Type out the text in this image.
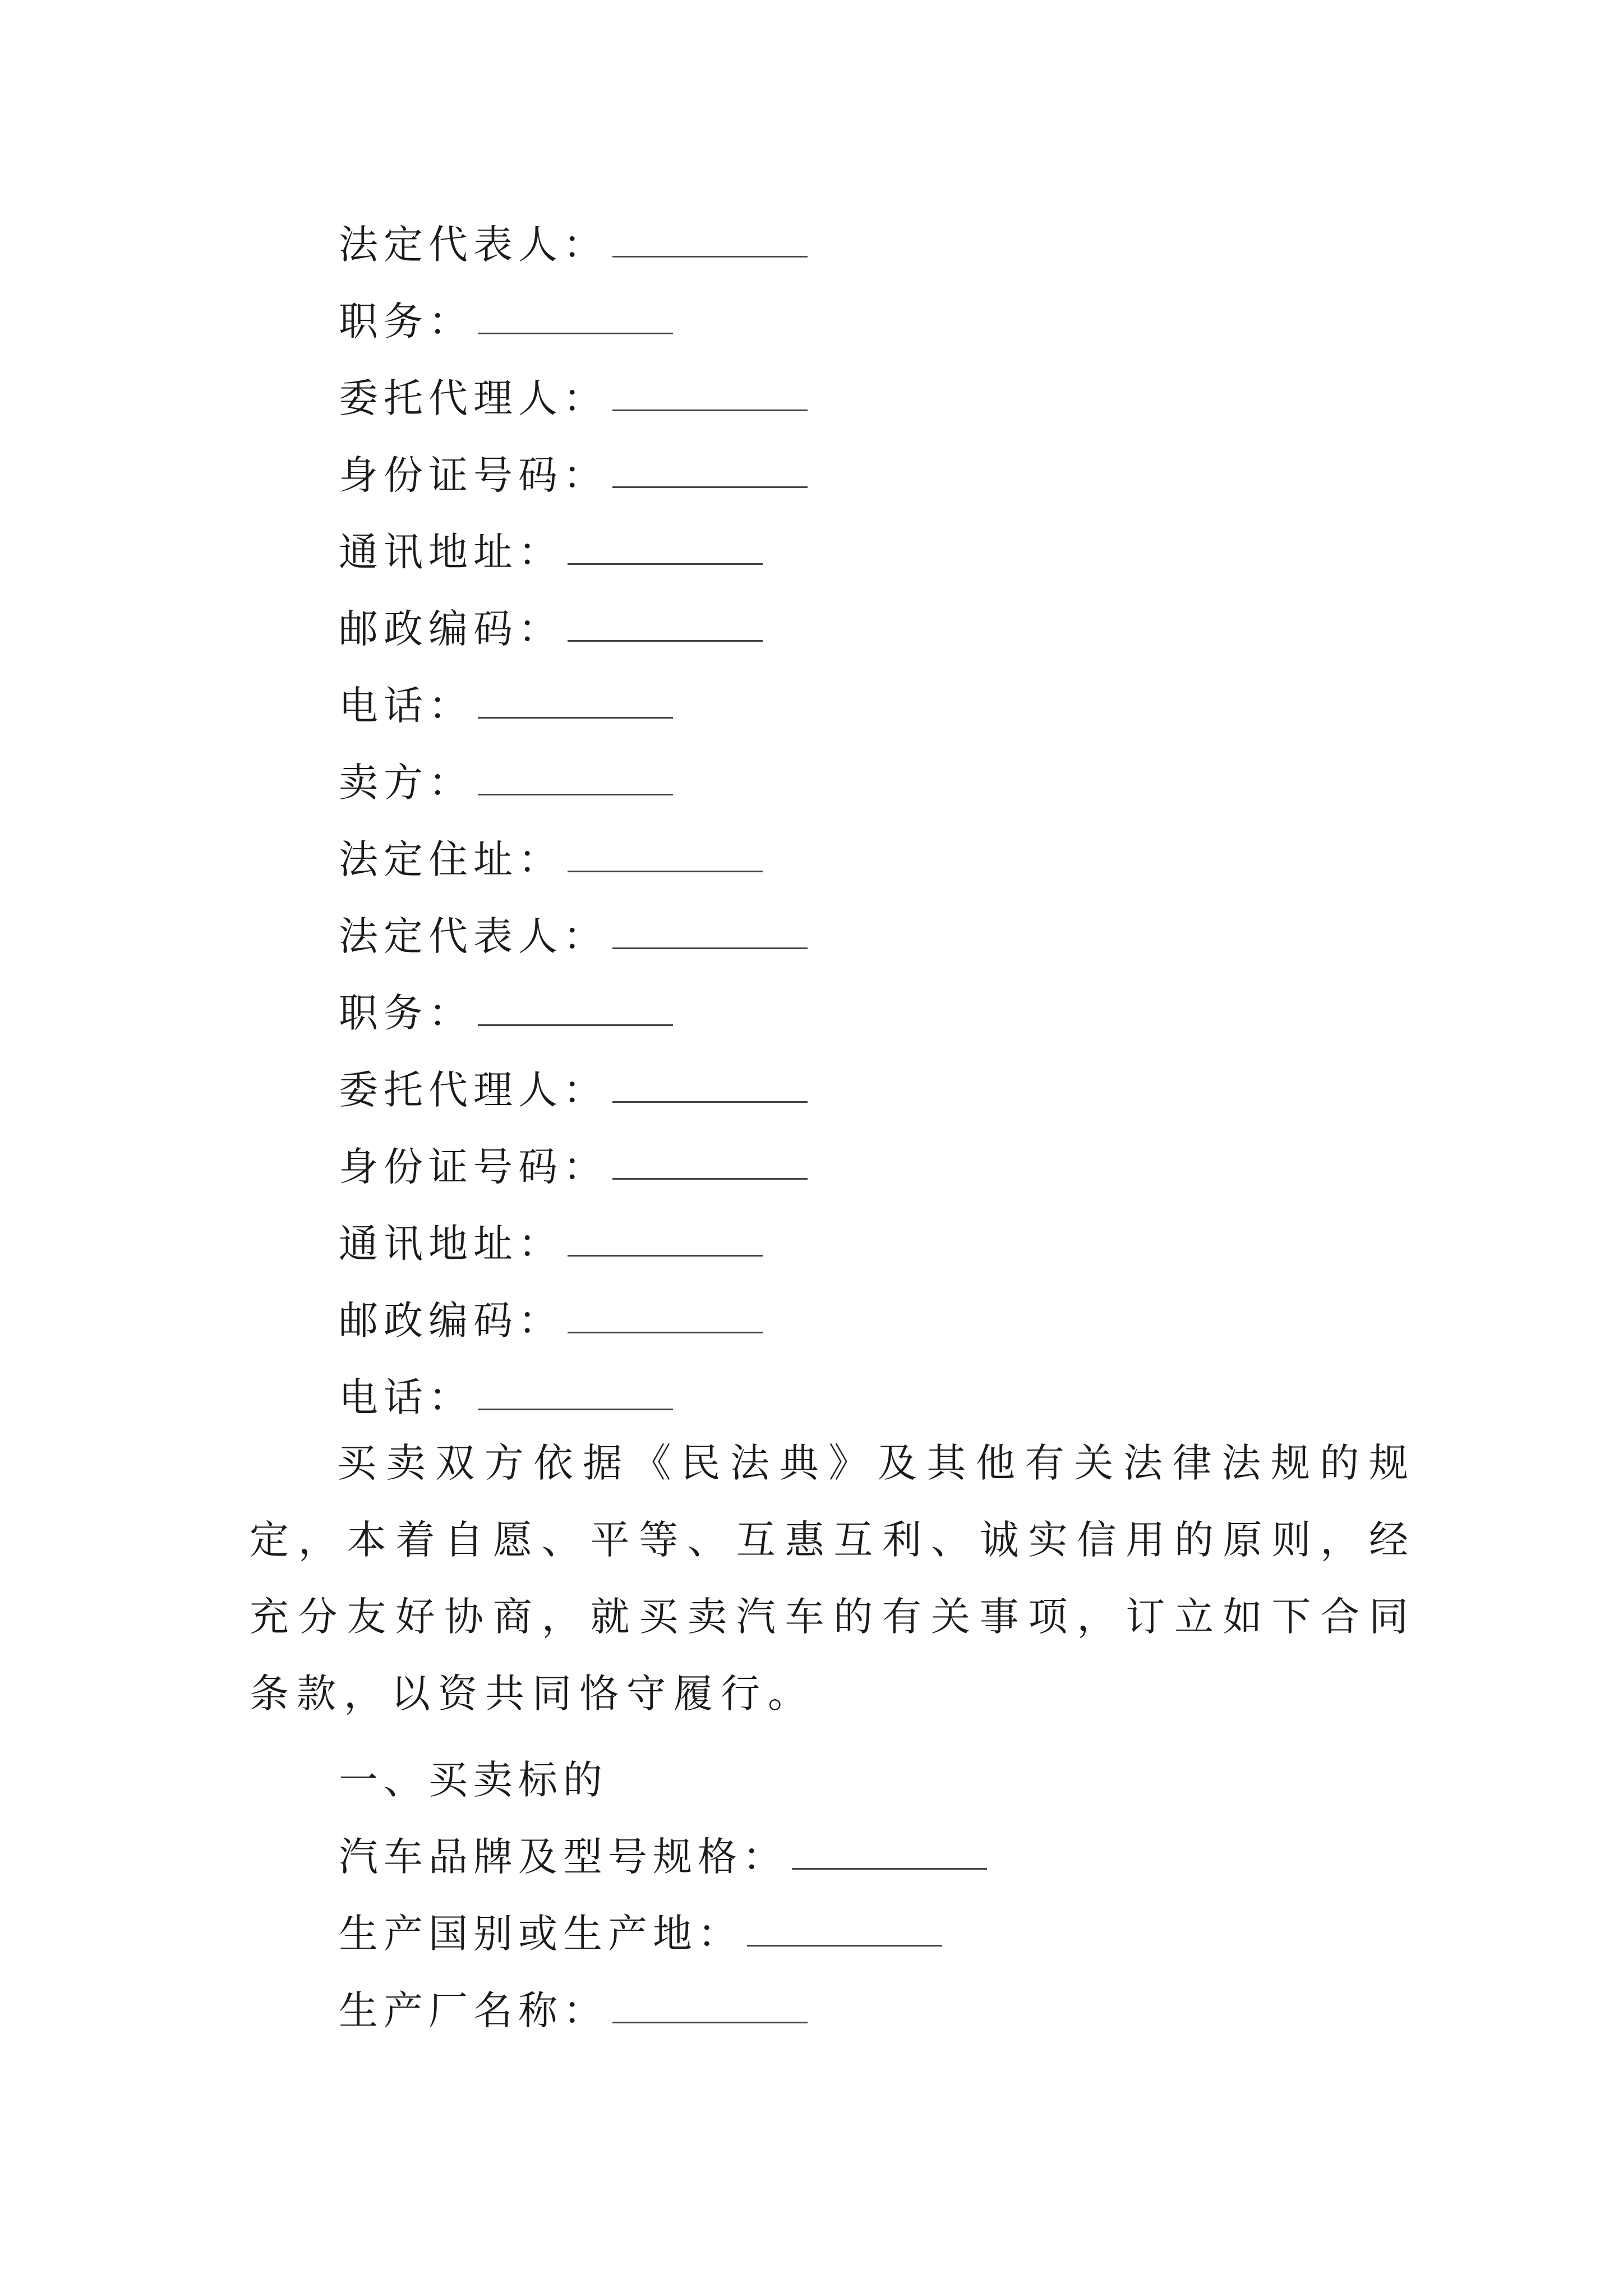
法定代表人：
职务：
委托代理人：
身份证号码：
通讯地址：
邮政编码：
电话：
卖方：
法定住址：
法定代表人：
职务：
委托代理人：
身份证号码：
通讯地址：
邮政编码：
电话：

买卖双方依据《民法典》及其他有关法律法规的规定，本着自愿、平等、互惠互利、诚实信用的原则，经充分友好协商，就买卖汽车的有关事项，订立如下合同条款，以资共同恪守履行。

一、买卖标的
汽车品牌及型号规格：
生产国别或生产地：
生产厂名称：
